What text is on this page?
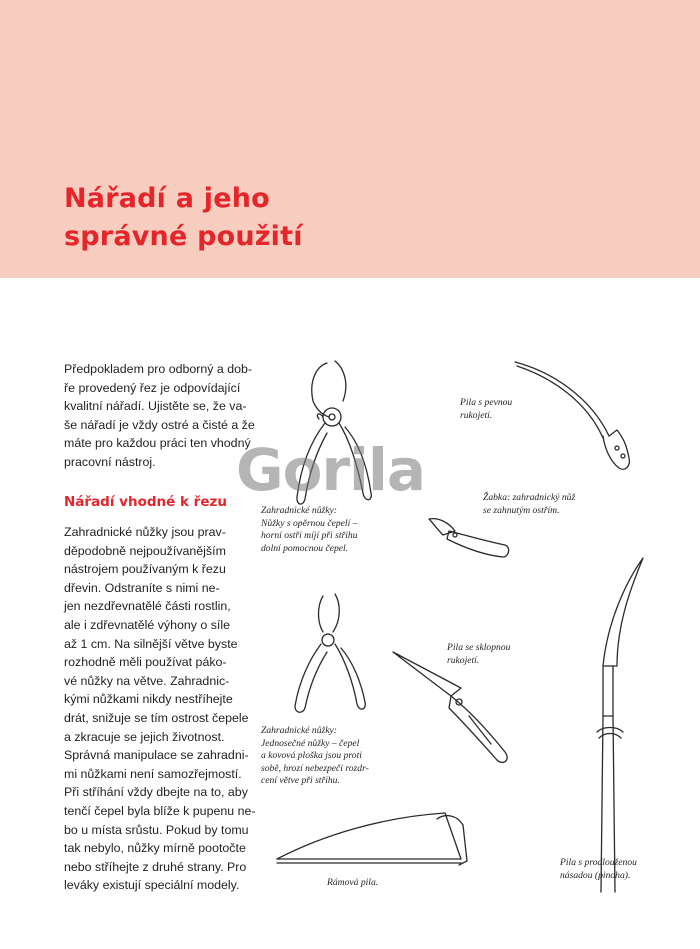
Nářadí a jeho
správné použití

Předpokladem pro odborný a dob-
ře provedený řez je odpovídající
kvalitní nářadí. Ujistěte se, že va-
še nářadí je vždy ostré a čisté a že
máte pro každou práci ten vhodný
pracovní nástroj.

Nářadí vhodné k řezu

Zahradnické nůžky jsou prav-
děpodobně nejpoužívanějším
nástrojem používaným k řezu
dřevin. Odstraníte s nimi ne-
jen nezdřevnatělé části rostlin,
ale i zdřevnatělé výhony o síle
až 1 cm. Na silnější větve byste
rozhodně měli používat páko-
vé nůžky na větve. Zahradnic-
kými nůžkami nikdy nestříhejte
drát, snižuje se tím ostrost čepele
a zkracuje se jejich životnost.
Správná manipulace se zahradni-
mi nůžkami není samozřejmostí.
Při stříhání vždy dbejte na to, aby
tenčí čepel byla blíže k pupenu ne-
bo u místa srůstu. Pokud by tomu
tak nebylo, nůžky mírně pootočte
nebo stříhejte z druhé strany. Pro
leváky existují speciální modely.

Zahradnické nůžky:
Nůžky s opěrnou čepelí –
horní ostří míjí při střihu
dolní pomocnou čepel.
Pila s pevnou
rukojetí.
Žabka: zahradnický nůž
se zahnutým ostřím.
Zahradnické nůžky:
Jednosečné nůžky – čepel
a kovová ploška jsou proti
sobě, hrozí nebezpečí rozdr-
cení větve při střihu.
Pila se sklopnou
rukojetí.
Pila s prodlouženou
násadou (pinoha).
Rámová pila.

Gorila
